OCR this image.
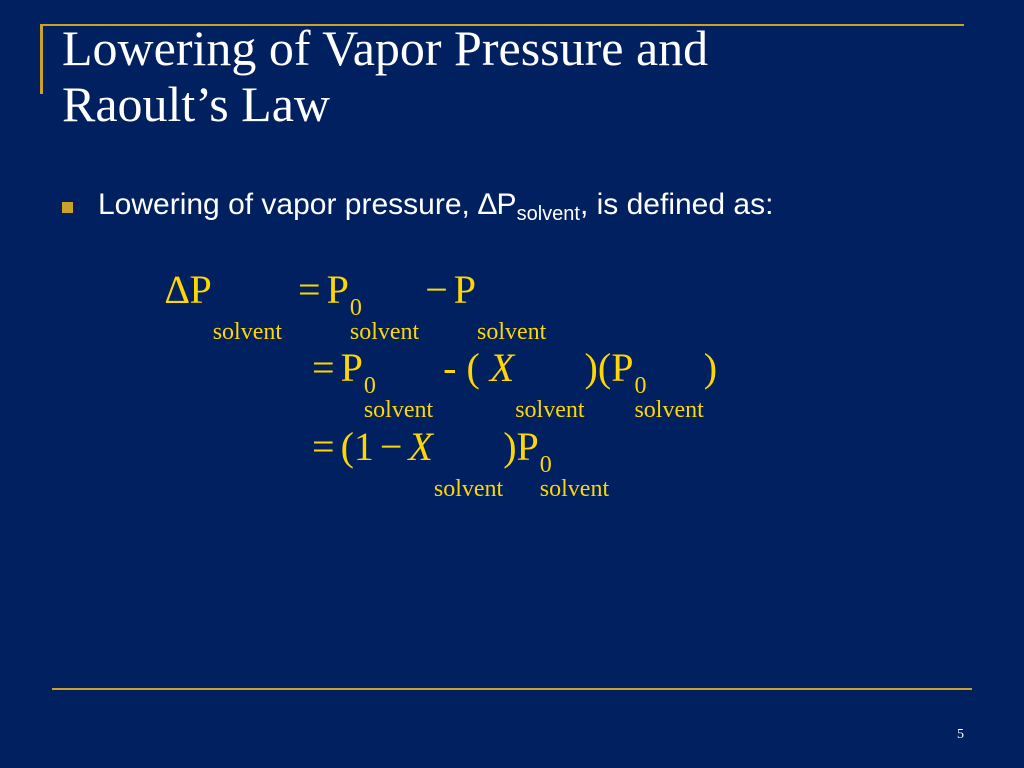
Lowering of Vapor Pressure and
Raoult’s Law
Lowering of vapor pressure, $\Delta P_{solvent}$, is defined as:
∆P
solvent
= P 0
solvent
− P
solvent
= P 0
solvent
- ( X
solvent
)(P 0
solvent
)
= (1 − X
solvent
)P 0
solvent
5
